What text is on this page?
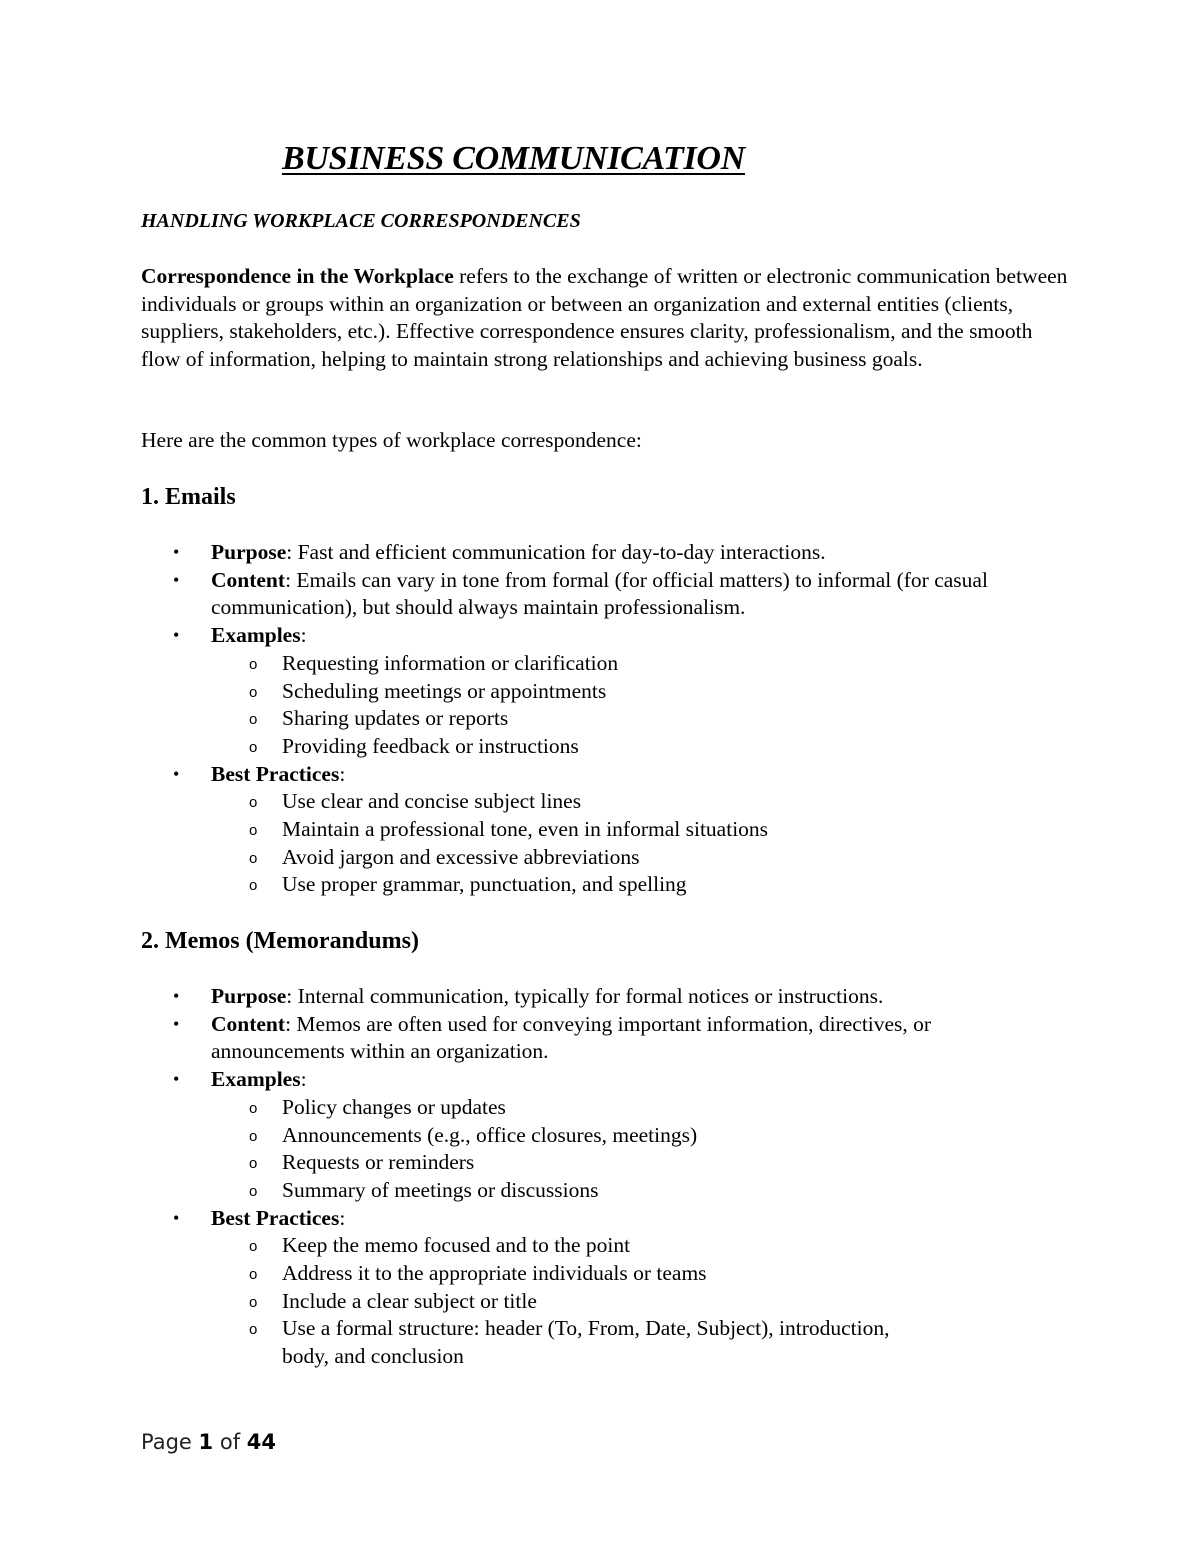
BUSINESS COMMUNICATION
HANDLING WORKPLACE CORRESPONDENCES

Correspondence in the Workplace refers to the exchange of written or electronic communication between individuals or groups within an organization or between an organization and external entities (clients, suppliers, stakeholders, etc.). Effective correspondence ensures clarity, professionalism, and the smooth flow of information, helping to maintain strong relationships and achieving business goals.

Here are the common types of workplace correspondence:

1. Emails
• Purpose: Fast and efficient communication for day-to-day interactions.
• Content: Emails can vary in tone from formal (for official matters) to informal (for casual communication), but should always maintain professionalism.
• Examples:
o Requesting information or clarification
o Scheduling meetings or appointments
o Sharing updates or reports
o Providing feedback or instructions
• Best Practices:
o Use clear and concise subject lines
o Maintain a professional tone, even in informal situations
o Avoid jargon and excessive abbreviations
o Use proper grammar, punctuation, and spelling
2. Memos (Memorandums)
• Purpose: Internal communication, typically for formal notices or instructions.
• Content: Memos are often used for conveying important information, directives, or announcements within an organization.
• Examples:
o Policy changes or updates
o Announcements (e.g., office closures, meetings)
o Requests or reminders
o Summary of meetings or discussions
• Best Practices:
o Keep the memo focused and to the point
o Address it to the appropriate individuals or teams
o Include a clear subject or title
o Use a formal structure: header (To, From, Date, Subject), introduction, body, and conclusion

Page 1 of 44
